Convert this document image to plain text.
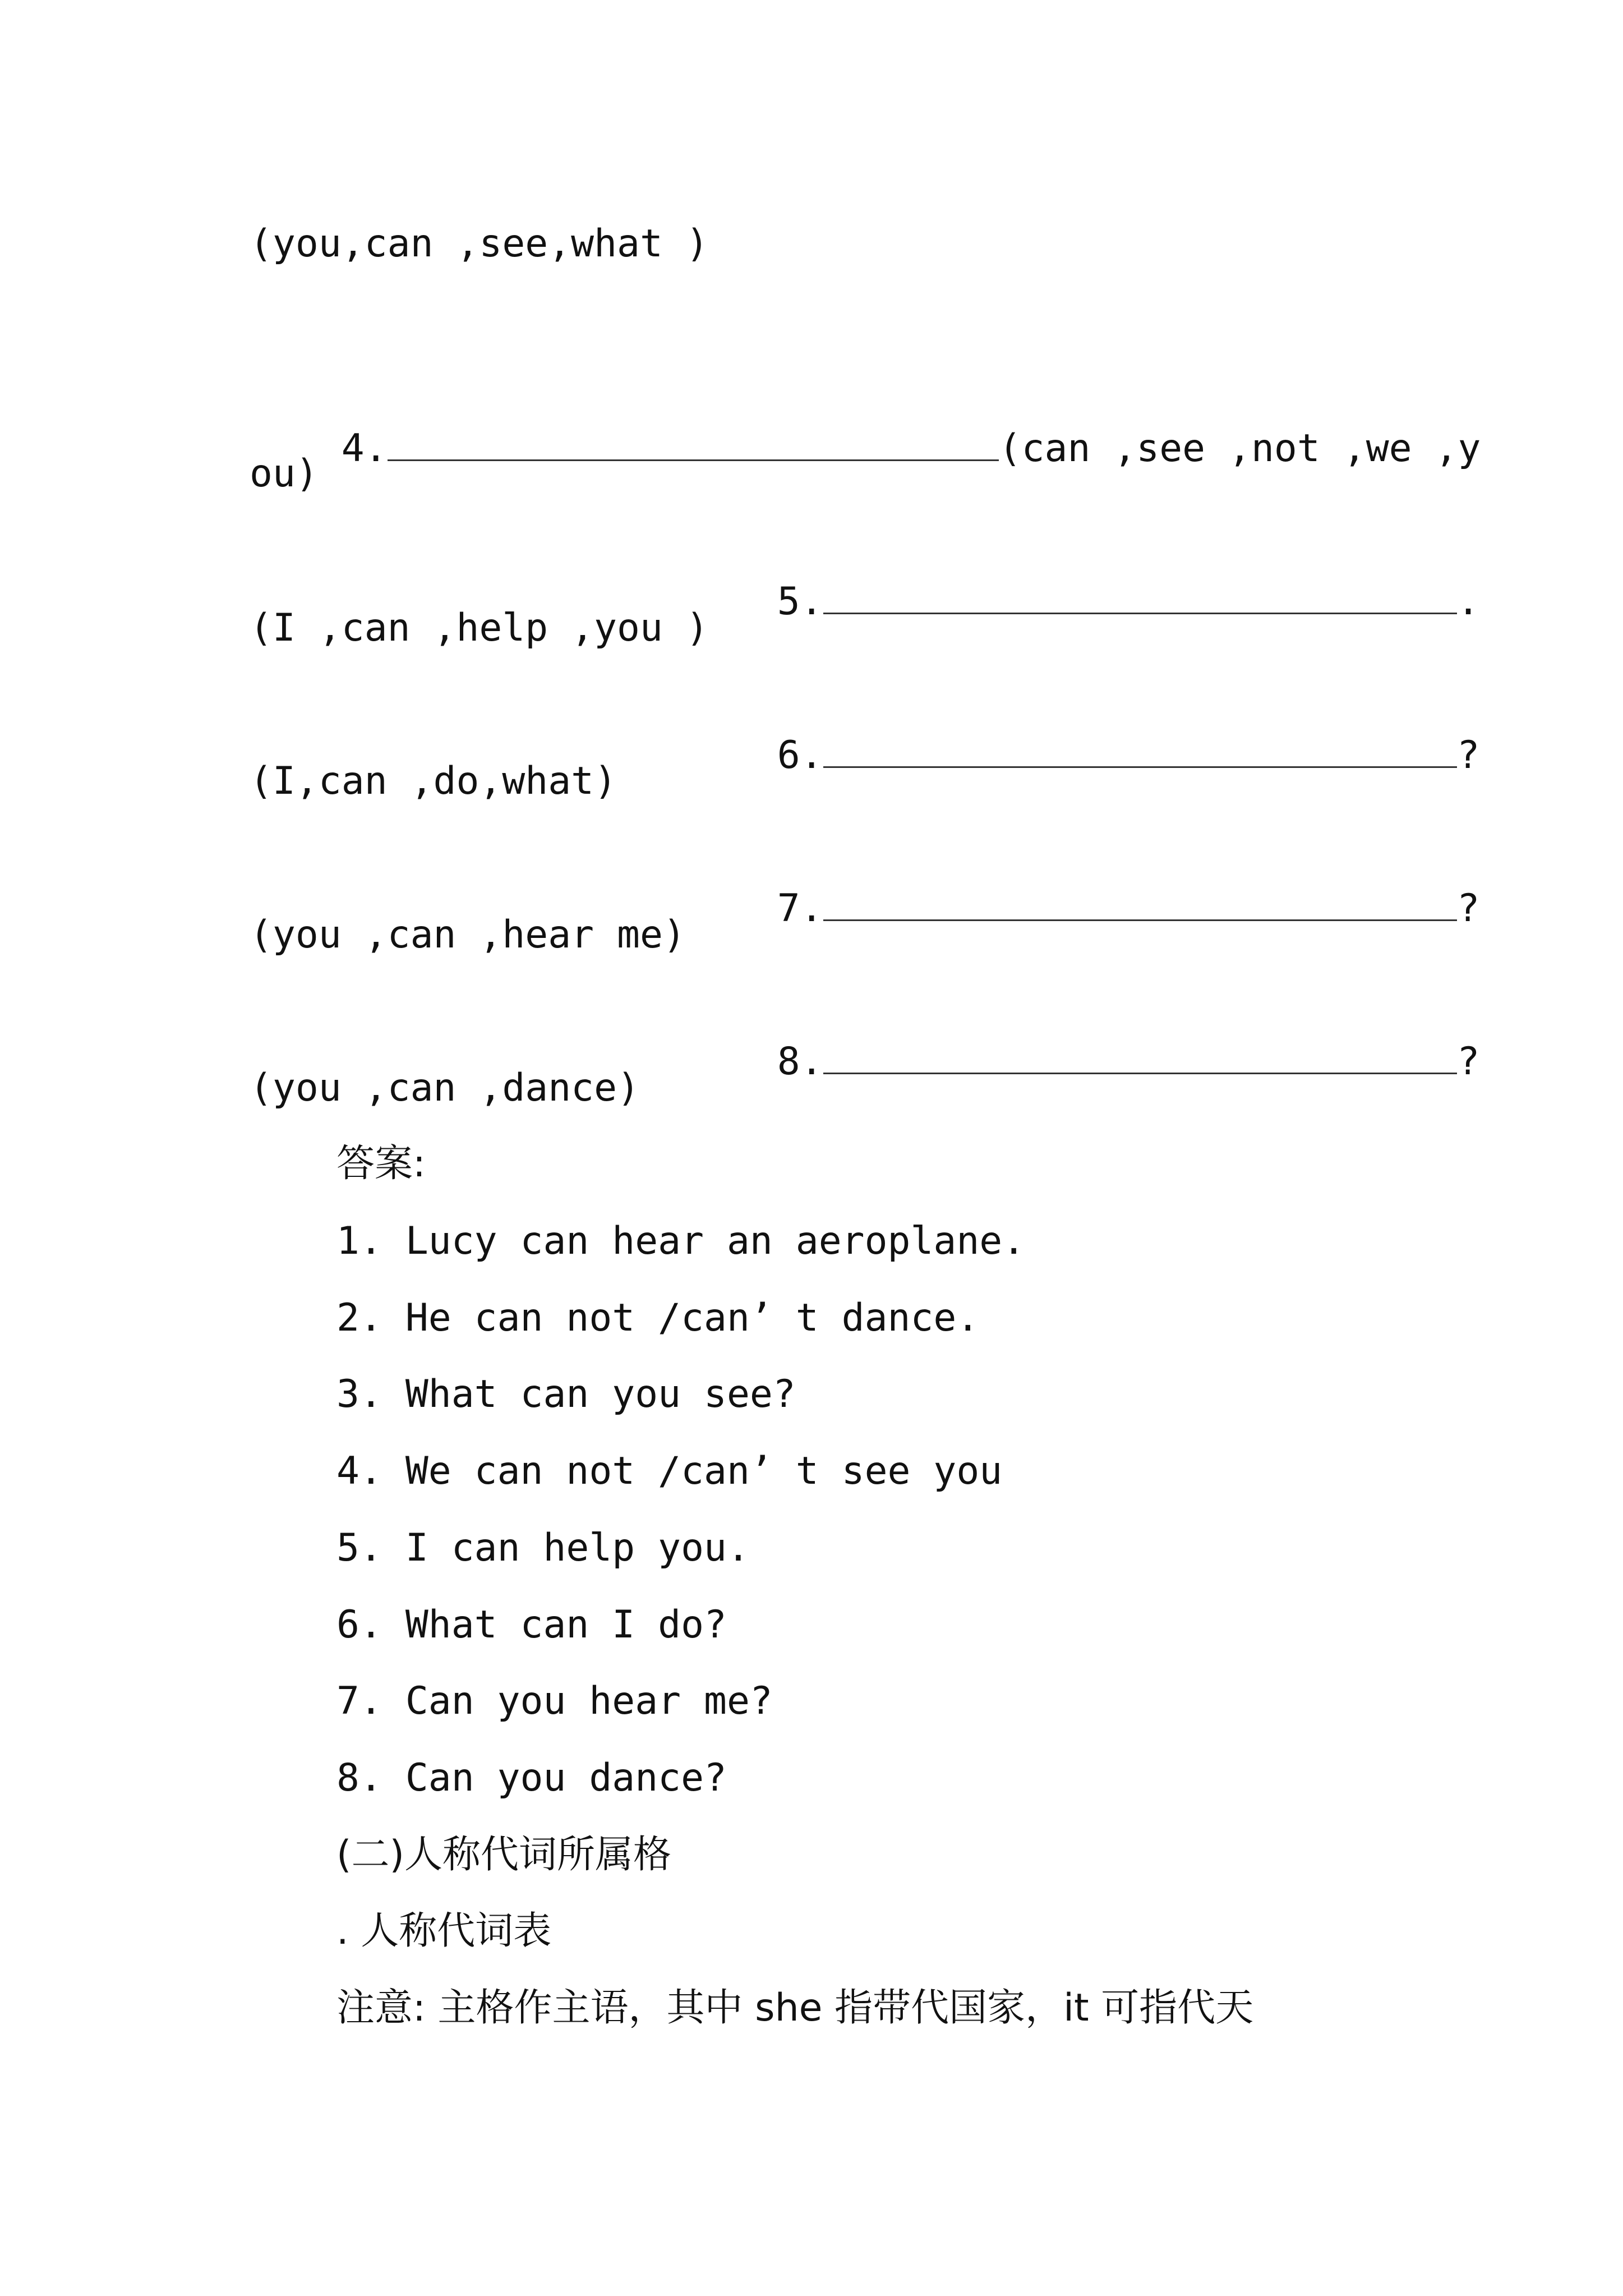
(you,can ,see,what )

4.	(can ,see ,not ,we ,y

ou)

5.	.

(I ,can ,help ,you )

6.	?

(I,can ,do,what)

7.	?

(you ,can ,hear me)

8.	?

(you ,can ,dance)
答案:
1. Lucy can hear an aeroplane.
2. He can not /can’ t dance.
3. What can you see?
4. We can not /can’ t see you
5. I can help you.
6. What can I do?
7. Can you hear me?
8. Can you dance?
(二)人称代词所属格
. 人称代词表
注意: 主格作主语，其中 she 指带代国家，it 可指代天
